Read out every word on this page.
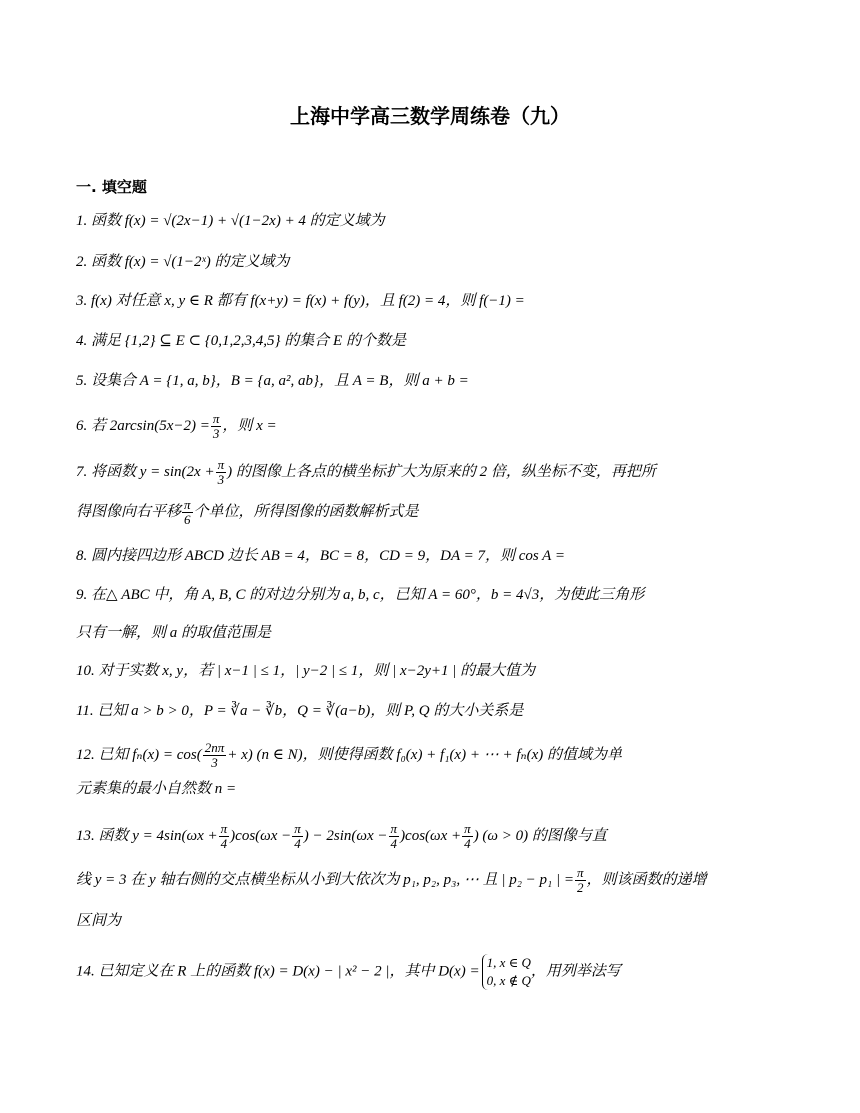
上海中学高三数学周练卷（九）
一. 填空题
1. 函数 f(x) = √(2x−1) + √(1−2x) + 4 的定义域为
2. 函数 f(x) = √(1−2ˣ) 的定义域为
3. f(x) 对任意 x, y ∈ R 都有 f(x+y) = f(x) + f(y)，且 f(2) = 4，则 f(−1) =
4. 满足 {1,2} ⊆ E ⊂ {0,1,2,3,4,5} 的集合 E 的个数是
5. 设集合 A = {1, a, b}，B = {a, a², ab}，且 A = B，则 a + b =
6. 若 $2\arcsin(5x-2) = \frac{\pi}{3}$ ，则 x =
7. 将函数 $y = \sin(2x + \frac{\pi}{3}$ ) 的图像上各点的横坐标扩大为原来的 2 倍，纵坐标不变，再把所
得图像向右平移 $\frac{\pi}{6}$ 个单位，所得图像的函数解析式是
8. 圆内接四边形 ABCD 边长 AB = 4，BC = 8，CD = 9，DA = 7，则 cos A =
9. 在△ ABC 中，角 A, B, C 的对边分别为 a, b, c，已知 A = 60°，b = 4√3，为使此三角形
只有一解，则 a 的取值范围是
10. 对于实数 x, y，若 | x−1 | ≤ 1，| y−2 | ≤ 1，则 | x−2y+1 | 的最大值为
11. 已知 a > b > 0，P = ∛a − ∛b，Q = ∛(a−b)，则 P, Q 的大小关系是
12. 已知 $f_n(x) = \cos( \frac{2n\pi}{3} + x)$ (n ∈ N)，则使得函数 f₀(x) + f₁(x) + ⋯ + fₙ(x) 的值域为单
元素集的最小自然数 n =
13. 函数 $y = 4\sin(\omega x + \frac{\pi}{4} )\cos(\omega x - \frac{\pi}{4}$ ) − $2\sin(\omega x - \frac{\pi}{4} )\cos(\omega x + \frac{\pi}{4}$ ) (ω > 0) 的图像与直
线 y = 3 在 y 轴右侧的交点横坐标从小到大依次为 p₁, p₂, p₃, ⋯ 且 | p₂ − p₁ | = $\frac{\pi}{2}$ ，则该函数的递增
区间为
14. 已知定义在 R 上的函数 f(x) = D(x) − | x² − 2 |，其中 D(x) =
1, x ∈ Q
0, x ∉ Q
，用列举法写
